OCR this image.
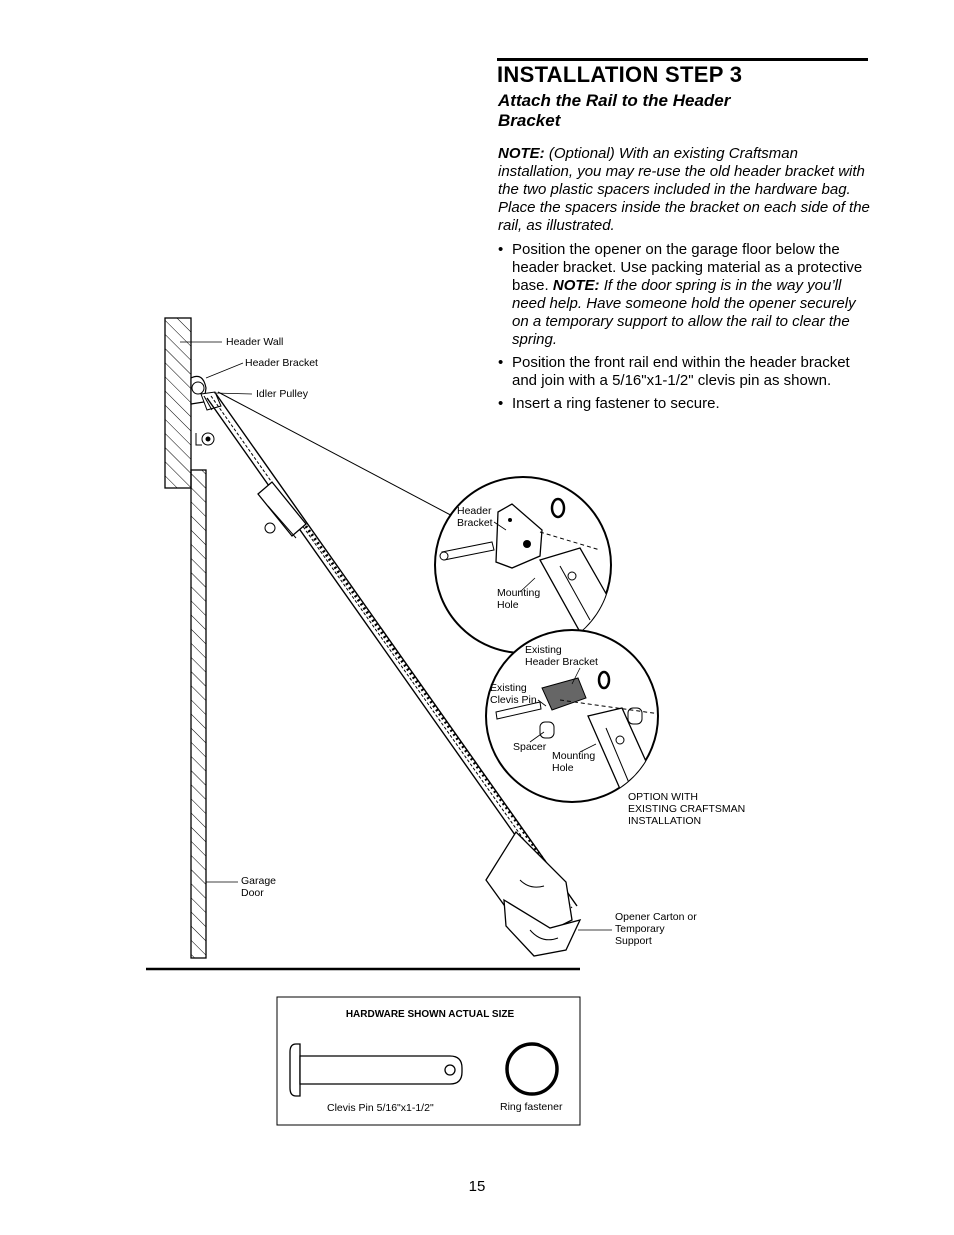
INSTALLATION STEP 3
Attach the Rail to the Header Bracket
NOTE: (Optional) With an existing Craftsman installation, you may re-use the old header bracket with the two plastic spacers included in the hardware bag. Place the spacers inside the bracket on each side of the rail, as illustrated.
• Position the opener on the garage floor below the header bracket. Use packing material as a protective base. NOTE: If the door spring is in the way you’ll need help. Have someone hold the opener securely on a temporary support to allow the rail to clear the spring.
• Position the front rail end within the header bracket and join with a 5/16"x1-1/2" clevis pin as shown.
• Insert a ring fastener to secure.
Header Wall
Header Bracket
Idler Pulley
Garage
Door
Opener Carton or
Temporary
Support
Header
Bracket
Mounting
Hole
Existing
Header Bracket
Existing
Clevis Pin
Spacer
Mounting
Hole
OPTION WITH
EXISTING CRAFTSMAN
INSTALLATION
HARDWARE SHOWN ACTUAL SIZE
Clevis Pin 5/16"x1-1/2"	Ring fastener
15
